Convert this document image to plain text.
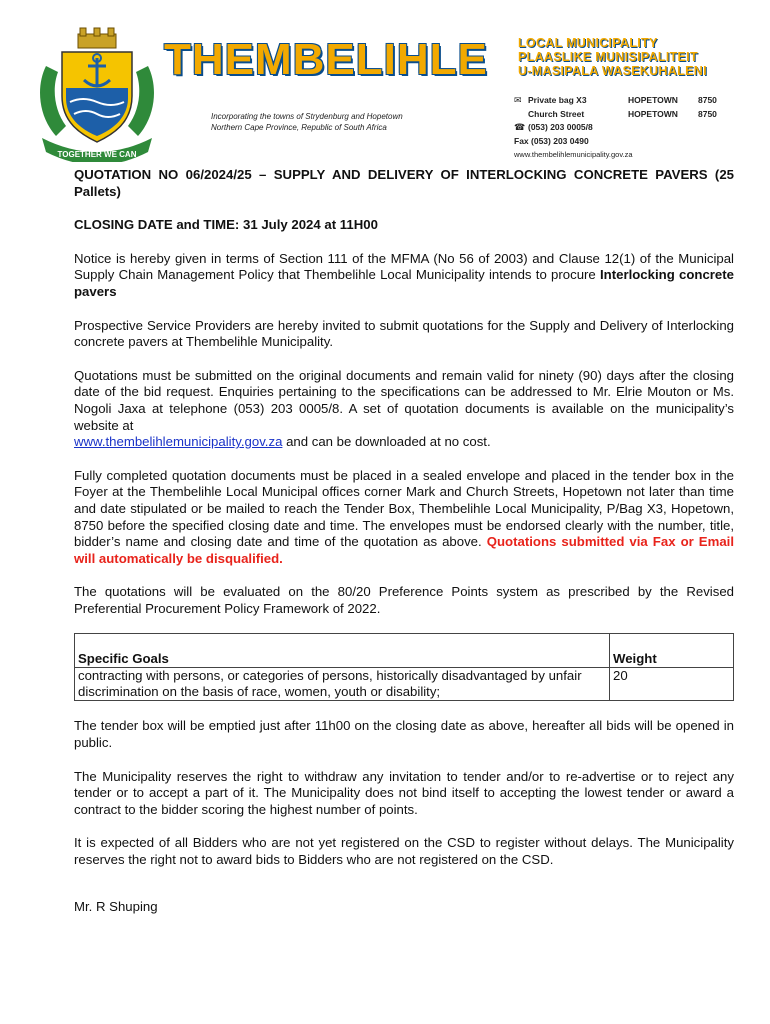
TOGETHER WE CAN
THEMBELIHLE LOCAL MUNICIPALITY
PLAASLIKE MUNISIPALITEIT
U-MASIPALA WASEKUHALENI
Incorporating the towns of Strydenburg and Hopetown
Northern Cape Province, Republic of South Africa
✉ Private bag X3	HOPETOWN	8750
Church Street	HOPETOWN	8750
☎ (053) 203 0005/8
Fax (053) 203 0490
www.thembelihlemunicipality.gov.za

QUOTATION NO 06/2024/25 – SUPPLY AND DELIVERY OF INTERLOCKING CONCRETE PAVERS (25 Pallets)

CLOSING DATE and TIME: 31 July 2024 at 11H00

Notice is hereby given in terms of Section 111 of the MFMA (No 56 of 2003) and Clause 12(1) of the Municipal Supply Chain Management Policy that Thembelihle Local Municipality intends to procure Interlocking concrete pavers

Prospective Service Providers are hereby invited to submit quotations for the Supply and Delivery of Interlocking concrete pavers at Thembelihle Municipality.

Quotations must be submitted on the original documents and remain valid for ninety (90) days after the closing date of the bid request. Enquiries pertaining to the specifications can be addressed to Mr. Elrie Mouton or Ms. Nogoli Jaxa at telephone (053) 203 0005/8. A set of quotation documents is available on the municipality’s website at
www.thembelihlemunicipality.gov.za and can be downloaded at no cost.

Fully completed quotation documents must be placed in a sealed envelope and placed in the tender box in the Foyer at the Thembelihle Local Municipal offices corner Mark and Church Streets, Hopetown not later than time and date stipulated or be mailed to reach the Tender Box, Thembelihle Local Municipality, P/Bag X3, Hopetown, 8750 before the specified closing date and time. The envelopes must be endorsed clearly with the number, title, bidder’s name and closing date and time of the quotation as above. Quotations submitted via Fax or Email will automatically be disqualified.

The quotations will be evaluated on the 80/20 Preference Points system as prescribed by the Revised Preferential Procurement Policy Framework of 2022.

Specific Goals	Weight
contracting with persons, or categories of persons, historically disadvantaged by unfair discrimination on the basis of race, women, youth or disability;	20

The tender box will be emptied just after 11h00 on the closing date as above, hereafter all bids will be opened in public.

The Municipality reserves the right to withdraw any invitation to tender and/or to re-advertise or to reject any tender or to accept a part of it. The Municipality does not bind itself to accepting the lowest tender or award a contract to the bidder scoring the highest number of points.

It is expected of all Bidders who are not yet registered on the CSD to register without delays. The Municipality reserves the right not to award bids to Bidders who are not registered on the CSD.

Mr. R Shuping
